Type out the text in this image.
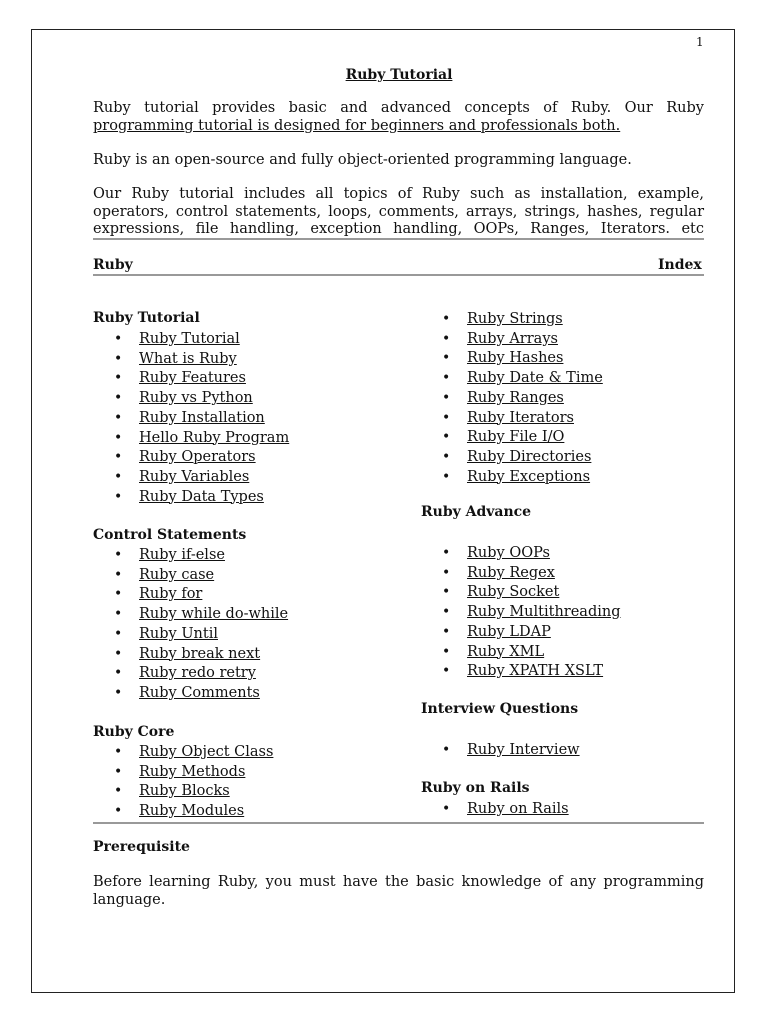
1
Ruby Tutorial
Ruby tutorial provides basic and advanced concepts of Ruby. Our Ruby
programming tutorial is designed for beginners and professionals both.
Ruby is an open-source and fully object-oriented programming language.
Our Ruby tutorial includes all topics of Ruby such as installation, example, operators, control statements, loops, comments, arrays, strings, hashes, regular expressions, file handling, exception handling, OOPs, Ranges, Iterators. etc
Ruby	Index
Ruby Tutorial
• Ruby Tutorial
• What is Ruby
• Ruby Features
• Ruby vs Python
• Ruby Installation
• Hello Ruby Program
• Ruby Operators
• Ruby Variables
• Ruby Data Types
Control Statements
• Ruby if-else
• Ruby case
• Ruby for
• Ruby while do-while
• Ruby Until
• Ruby break next
• Ruby redo retry
• Ruby Comments
Ruby Core
• Ruby Object Class
• Ruby Methods
• Ruby Blocks
• Ruby Modules
• Ruby Strings
• Ruby Arrays
• Ruby Hashes
• Ruby Date & Time
• Ruby Ranges
• Ruby Iterators
• Ruby File I/O
• Ruby Directories
• Ruby Exceptions
Ruby Advance
• Ruby OOPs
• Ruby Regex
• Ruby Socket
• Ruby Multithreading
• Ruby LDAP
• Ruby XML
• Ruby XPATH XSLT
Interview Questions
• Ruby Interview
Ruby on Rails
• Ruby on Rails
Prerequisite
Before learning Ruby, you must have the basic knowledge of any programming language.
